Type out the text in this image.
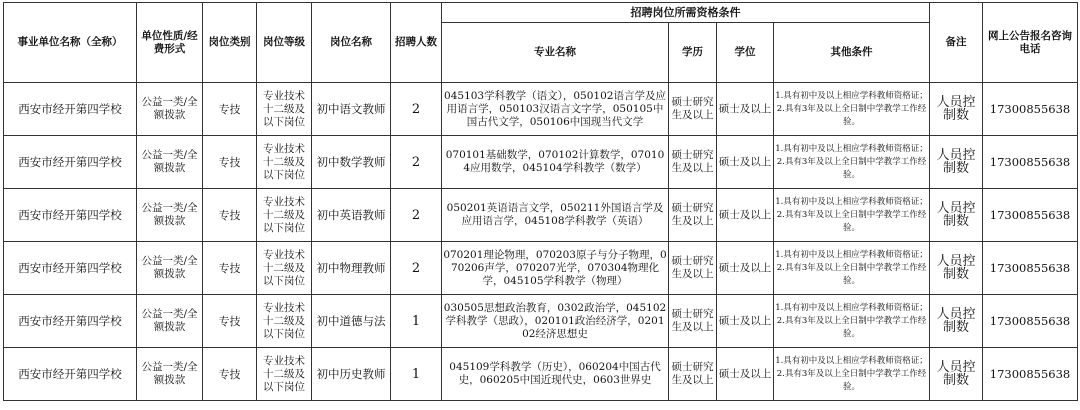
事业单位名称（全称）	单位性质/经费形式	岗位类别	岗位等级	岗位名称	招聘人数	招聘岗位所需资格条件				备注	网上公告报名咨询电话
						专业名称	学历	学位	其他条件		
西安市经开第四学校	公益一类/全额拨款	专技	专业技术十二级及以下岗位	初中语文教师	2	045103学科教学（语文），050102语言学及应用语言学，050103汉语言文字学，050105中国古代文学，050106中国现当代文学	硕士研究生及以上	硕士及以上	1.具有初中及以上相应学科教师资格证；2.具有3年及以上全日制中学教学工作经验。	人员控制数	17300855638
西安市经开第四学校	公益一类/全额拨款	专技	专业技术十二级及以下岗位	初中数学教师	2	070101基础数学，070102计算数学，070104应用数学，045104学科教学（数学）	硕士研究生及以上	硕士及以上	1.具有初中及以上相应学科教师资格证；2.具有3年及以上全日制中学教学工作经验。	人员控制数	17300855638
西安市经开第四学校	公益一类/全额拨款	专技	专业技术十二级及以下岗位	初中英语教师	2	050201英语语言文学，050211外国语言学及应用语言学，045108学科教学（英语）	硕士研究生及以上	硕士及以上	1.具有初中及以上相应学科教师资格证；2.具有3年及以上全日制中学教学工作经验。	人员控制数	17300855638
西安市经开第四学校	公益一类/全额拨款	专技	专业技术十二级及以下岗位	初中物理教师	2	070201理论物理，070203原子与分子物理，070206声学，070207光学，070304物理化学，045105学科教学（物理）	硕士研究生及以上	硕士及以上	1.具有初中及以上相应学科教师资格证；2.具有3年及以上全日制中学教学工作经验。	人员控制数	17300855638
西安市经开第四学校	公益一类/全额拨款	专技	专业技术十二级及以下岗位	初中道德与法	1	030505思想政治教育，0302政治学，045102学科教学（思政），020101政治经济学，020102经济思想史	硕士研究生及以上	硕士及以上	1.具有初中及以上相应学科教师资格证；2.具有3年及以上全日制中学教学工作经验。	人员控制数	17300855638
西安市经开第四学校	公益一类/全额拨款	专技	专业技术十二级及以下岗位	初中历史教师	1	045109学科教学（历史），060204中国古代史，060205中国近现代史，0603世界史	硕士研究生及以上	硕士及以上	1.具有初中及以上相应学科教师资格证；2.具有3年及以上全日制中学教学工作经验。	人员控制数	17300855638
